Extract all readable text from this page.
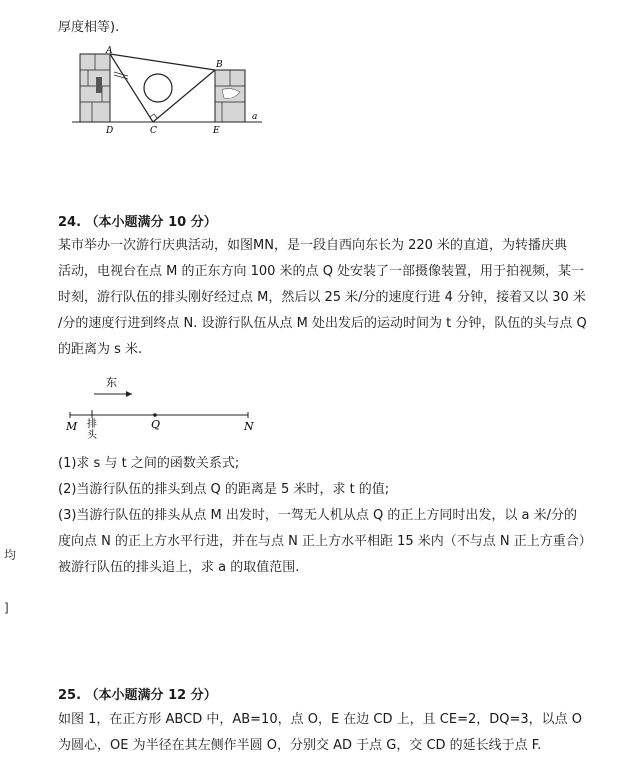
厚度相等).
A
B
C
D	E
a
24. （本小题满分 10 分）
某市举办一次游行庆典活动，如图MN，是一段自西向东长为 220 米的直道，为转播庆典
活动，电视台在点 M 的正东方向 100 米的点 Q 处安装了一部摄像装置，用于拍视频，某一
时刻，游行队伍的排头刚好经过点 M，然后以 25 米/分的速度行进 4 分钟，接着又以 30 米
/分的速度行进到终点 N. 设游行队伍从点 M 处出发后的运动时间为 t 分钟，队伍的头与点 Q
的距离为 s 米.
东
M	Q	N
排
头
(1)求 s 与 t 之间的函数关系式;
(2)当游行队伍的排头到点 Q 的距离是 5 米时，求 t 的值;
(3)当游行队伍的排头从点 M 出发时，一驾无人机从点 Q 的正上方同时出发，以 a 米/分的
度向点 N 的正上方水平行进，并在与点 N 正上方水平相距 15 米内（不与点 N 正上方重合）
被游行队伍的排头追上，求 a 的取值范围.
均
]
25. （本小题满分 12 分）
如图 1，在正方形 ABCD 中，AB=10，点 O，E 在边 CD 上，且 CE=2，DQ=3，以点 O
为圆心，OE 为半径在其左侧作半圆 O，分别交 AD 于点 G，交 CD 的延长线于点 F.
